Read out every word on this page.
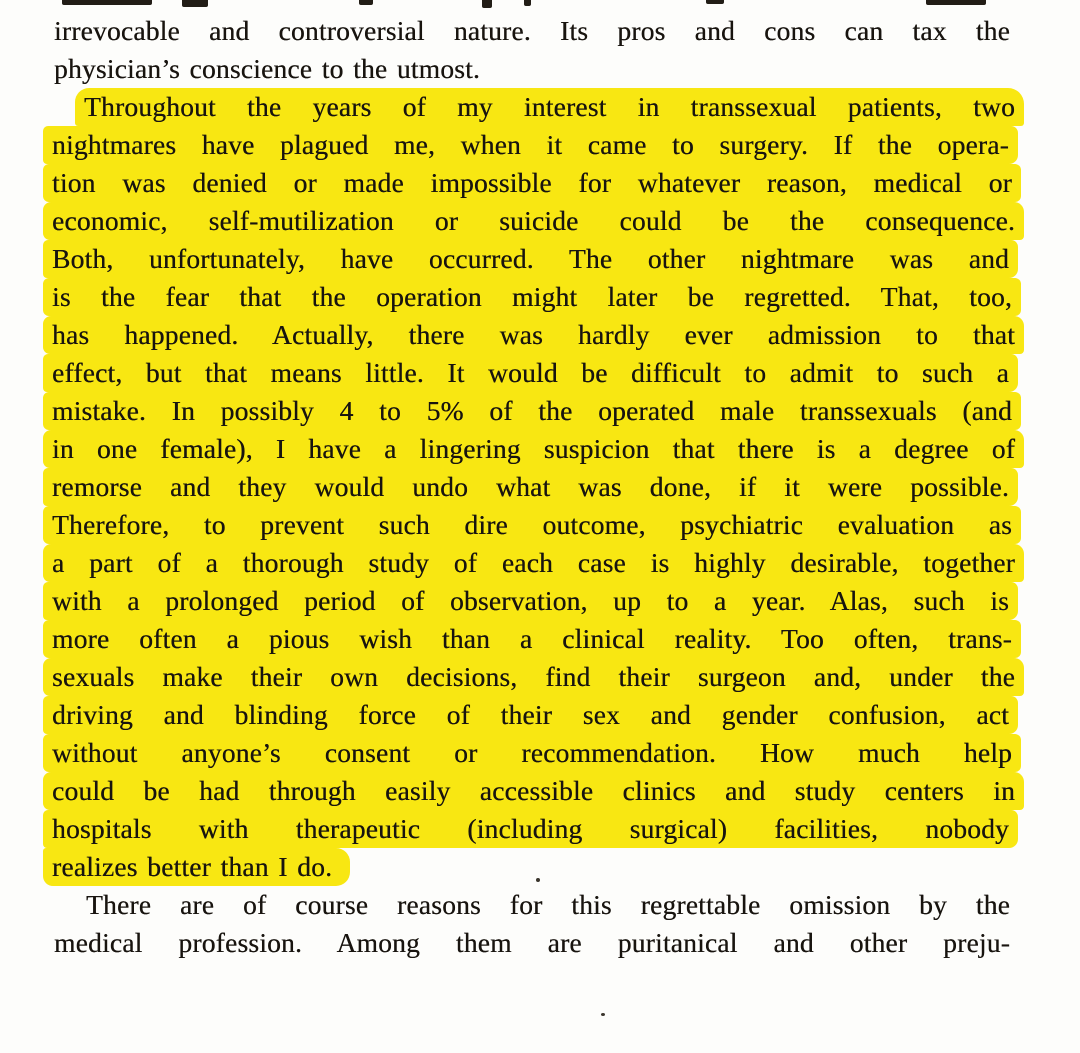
irrevocable and controversial nature. Its pros and cons can tax the
physician’s conscience to the utmost.
Throughout the years of my interest in transsexual patients, two
nightmares have plagued me, when it came to surgery. If the opera-
tion was denied or made impossible for whatever reason, medical or
economic, self-mutilization or suicide could be the consequence.
Both, unfortunately, have occurred. The other nightmare was and
is the fear that the operation might later be regretted. That, too,
has happened. Actually, there was hardly ever admission to that
effect, but that means little. It would be difficult to admit to such a
mistake. In possibly 4 to 5% of the operated male transsexuals (and
in one female), I have a lingering suspicion that there is a degree of
remorse and they would undo what was done, if it were possible.
Therefore, to prevent such dire outcome, psychiatric evaluation as
a part of a thorough study of each case is highly desirable, together
with a prolonged period of observation, up to a year. Alas, such is
more often a pious wish than a clinical reality. Too often, trans-
sexuals make their own decisions, find their surgeon and, under the
driving and blinding force of their sex and gender confusion, act
without anyone’s consent or recommendation. How much help
could be had through easily accessible clinics and study centers in
hospitals with therapeutic (including surgical) facilities, nobody
realizes better than I do.
There are of course reasons for this regrettable omission by the
medical profession. Among them are puritanical and other preju-
